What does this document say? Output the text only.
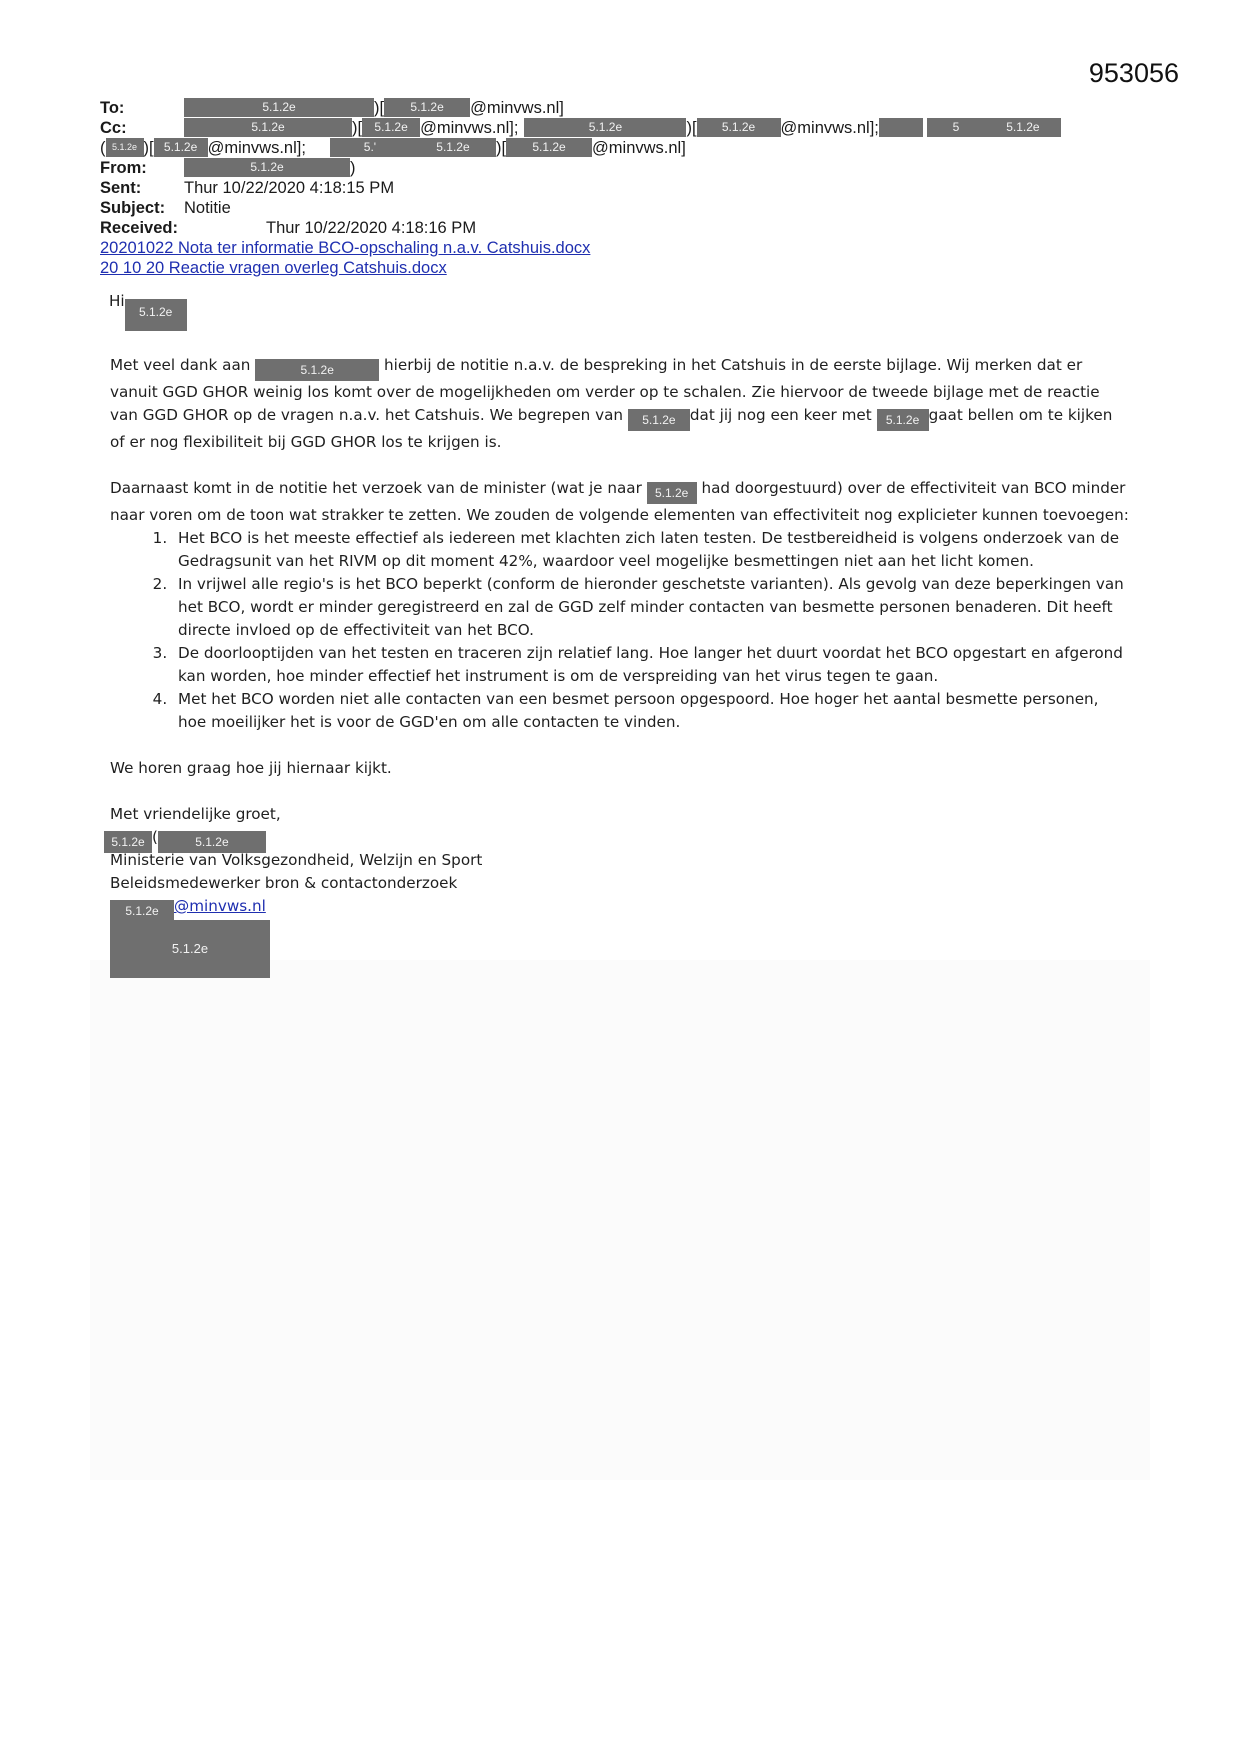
953056
To:	5.1.2e	)[ 5.1.2e @minvws.nl]
Cc:	5.1.2e	)[ 5.1.2e @minvws.nl];	5.1.2e	)[ 5.1.2e @minvws.nl];	5	5.1.2e
( 5.1.2e )[ 5.1.2e @minvws.nl];	5.'	5.1.2e )[ 5.1.2e @minvws.nl]
From:	5.1.2e	)
Sent:	Thur 10/22/2020 4:18:15 PM
Subject: Notitie
Received:	Thur 10/22/2020 4:18:16 PM
20201022 Nota ter informatie BCO-opschaling n.a.v. Catshuis.docx
20 10 20 Reactie vragen overleg Catshuis.docx

Hi5.1.2e

Met veel dank aan	5.1.2e	hierbij de notitie n.a.v. de bespreking in het Catshuis in de eerste bijlage. Wij merken dat er vanuit GGD GHOR weinig los komt over de mogelijkheden om verder op te schalen. Zie hiervoor de tweede bijlage met de reactie van GGD GHOR op de vragen n.a.v. het Catshuis. We begrepen van 5.1.2e dat jij nog een keer met 5.1.2e gaat bellen om te kijken of er nog flexibiliteit bij GGD GHOR los te krijgen is.

Daarnaast komt in de notitie het verzoek van de minister (wat je naar 5.1.2e had doorgestuurd) over de effectiviteit van BCO minder naar voren om de toon wat strakker te zetten. We zouden de volgende elementen van effectiviteit nog explicieter kunnen toevoegen:

1. Het BCO is het meeste effectief als iedereen met klachten zich laten testen. De testbereidheid is volgens onderzoek van de Gedragsunit van het RIVM op dit moment 42%, waardoor veel mogelijke besmettingen niet aan het licht komen.
2. In vrijwel alle regio's is het BCO beperkt (conform de hieronder geschetste varianten). Als gevolg van deze beperkingen van het BCO, wordt er minder geregistreerd en zal de GGD zelf minder contacten van besmette personen benaderen. Dit heeft directe invloed op de effectiviteit van het BCO.
3. De doorlooptijden van het testen en traceren zijn relatief lang. Hoe langer het duurt voordat het BCO opgestart en afgerond kan worden, hoe minder effectief het instrument is om de verspreiding van het virus tegen te gaan.
4. Met het BCO worden niet alle contacten van een besmet persoon opgespoord. Hoe hoger het aantal besmette personen, hoe moeilijker het is voor de GGD'en om alle contacten te vinden.

We horen graag hoe jij hiernaar kijkt.

Met vriendelijke groet,
5.1.2e (	5.1.2e
Ministerie van Volksgezondheid, Welzijn en Sport
Beleidsmedewerker bron & contactonderzoek
5.1.2e @minvws.nl
5.1.2e
